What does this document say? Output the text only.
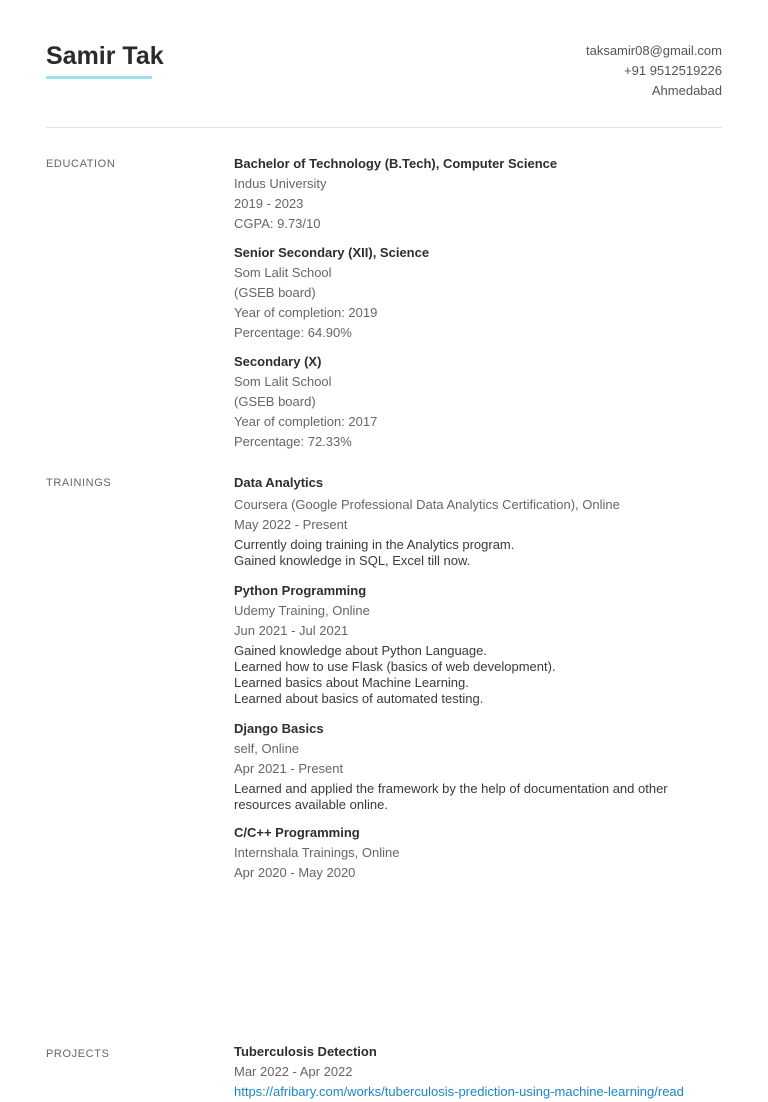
Samir Tak	taksamir08@gmail.com
+91 9512519226
Ahmedabad
EDUCATION	Bachelor of Technology (B.Tech), Computer Science
Indus University
2019 - 2023
CGPA: 9.73/10
Senior Secondary (XII), Science
Som Lalit School
(GSEB board)
Year of completion: 2019
Percentage: 64.90%
Secondary (X)
Som Lalit School
(GSEB board)
Year of completion: 2017
Percentage: 72.33%
TRAININGS	Data Analytics
Coursera (Google Professional Data Analytics Certification), Online
May 2022 - Present
Currently doing training in the Analytics program.
Gained knowledge in SQL, Excel till now.
Python Programming
Udemy Training, Online
Jun 2021 - Jul 2021
Gained knowledge about Python Language.
Learned how to use Flask (basics of web development).
Learned basics about Machine Learning.
Learned about basics of automated testing.
Django Basics
self, Online
Apr 2021 - Present
Learned and applied the framework by the help of documentation and other
resources available online.
C/C++ Programming
Internshala Trainings, Online
Apr 2020 - May 2020
PROJECTS	Tuberculosis Detection
Mar 2022 - Apr 2022
https://afribary.com/works/tuberculosis-prediction-using-machine-learning/read
